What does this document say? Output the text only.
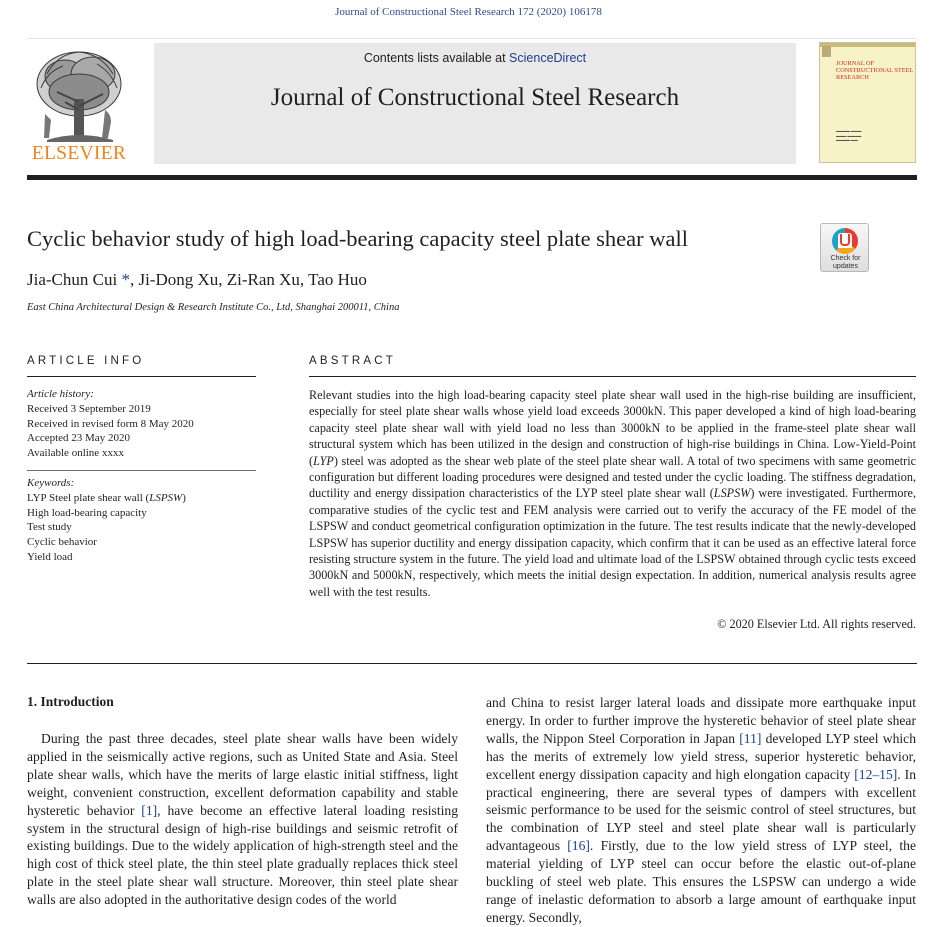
Journal of Constructional Steel Research 172 (2020) 106178
ELSEVIER
Contents lists available at ScienceDirect
Journal of Constructional Steel Research
JOURNAL OF CONSTRUCTIONAL STEEL RESEARCH
▬▬▬▬ ▬▬▬
▬▬▬ ▬▬▬▬
▬▬▬▬ ▬▬
Cyclic behavior study of high load-bearing capacity steel plate shear wall
Jia-Chun Cui *, Ji-Dong Xu, Zi-Ran Xu, Tao Huo
East China Architectural Design & Research Institute Co., Ltd, Shanghai 200011, China
Check for
updates
ARTICLE INFO	ABSTRACT
Article history:
Received 3 September 2019
Received in revised form 8 May 2020
Accepted 23 May 2020
Available online xxxx
Keywords:
LYP Steel plate shear wall (LSPSW)
High load-bearing capacity
Test study
Cyclic behavior
Yield load
Relevant studies into the high load-bearing capacity steel plate shear wall used in the high-rise building are insufficient, especially for steel plate shear walls whose yield load exceeds 3000kN. This paper developed a kind of high load-bearing capacity steel plate shear wall with yield load no less than 3000kN to be applied in the frame-steel plate shear wall structural system which has been utilized in the design and construction of high-rise buildings in China. Low-Yield-Point (LYP) steel was adopted as the shear web plate of the steel plate shear wall. A total of two specimens with same geometric configuration but different loading procedures were designed and tested under the cyclic loading. The stiffness degradation, ductility and energy dissipation characteristics of the LYP steel plate shear wall (LSPSW) were investigated. Furthermore, comparative studies of the cyclic test and FEM analysis were carried out to verify the accuracy of the FE model of the LSPSW and conduct geometrical configuration optimization in the future. The test results indicate that the newly-developed LSPSW has superior ductility and energy dissipation capacity, which confirm that it can be used as an effective lateral force resisting structure system in the future. The yield load and ultimate load of the LSPSW obtained through cyclic tests exceed 3000kN and 5000kN, respectively, which meets the initial design expectation. In addition, numerical analysis results agree well with the test results.
© 2020 Elsevier Ltd. All rights reserved.
1. Introduction

During the past three decades, steel plate shear walls have been widely applied in the seismically active regions, such as United State and Asia. Steel plate shear walls, which have the merits of large elastic initial stiffness, light weight, convenient construction, excellent deformation capability and stable hysteretic behavior [1], have become an effective lateral loading resisting system in the structural design of high-rise buildings and seismic retrofit of existing buildings. Due to the widely application of high-strength steel and the high cost of thick steel plate, the thin steel plate gradually replaces thick steel plate in the steel plate shear wall structure. Moreover, thin steel plate shear walls are also adopted in the authoritative design codes of the world

and China to resist larger lateral loads and dissipate more earthquake input energy. In order to further improve the hysteretic behavior of steel plate shear walls, the Nippon Steel Corporation in Japan [11] developed LYP steel which has the merits of extremely low yield stress, superior hysteretic behavior, excellent energy dissipation capacity and high elongation capacity [12–15]. In practical engineering, there are several types of dampers with excellent seismic performance to be used for the seismic control of steel structures, but the combination of LYP steel and steel plate shear wall is particularly advantageous [16]. Firstly, due to the low yield stress of LYP steel, the material yielding of LYP steel can occur before the elastic out-of-plane buckling of steel web plate. This ensures the LSPSW can undergo a wide range of inelastic deformation to absorb a large amount of earthquake input energy. Secondly,
